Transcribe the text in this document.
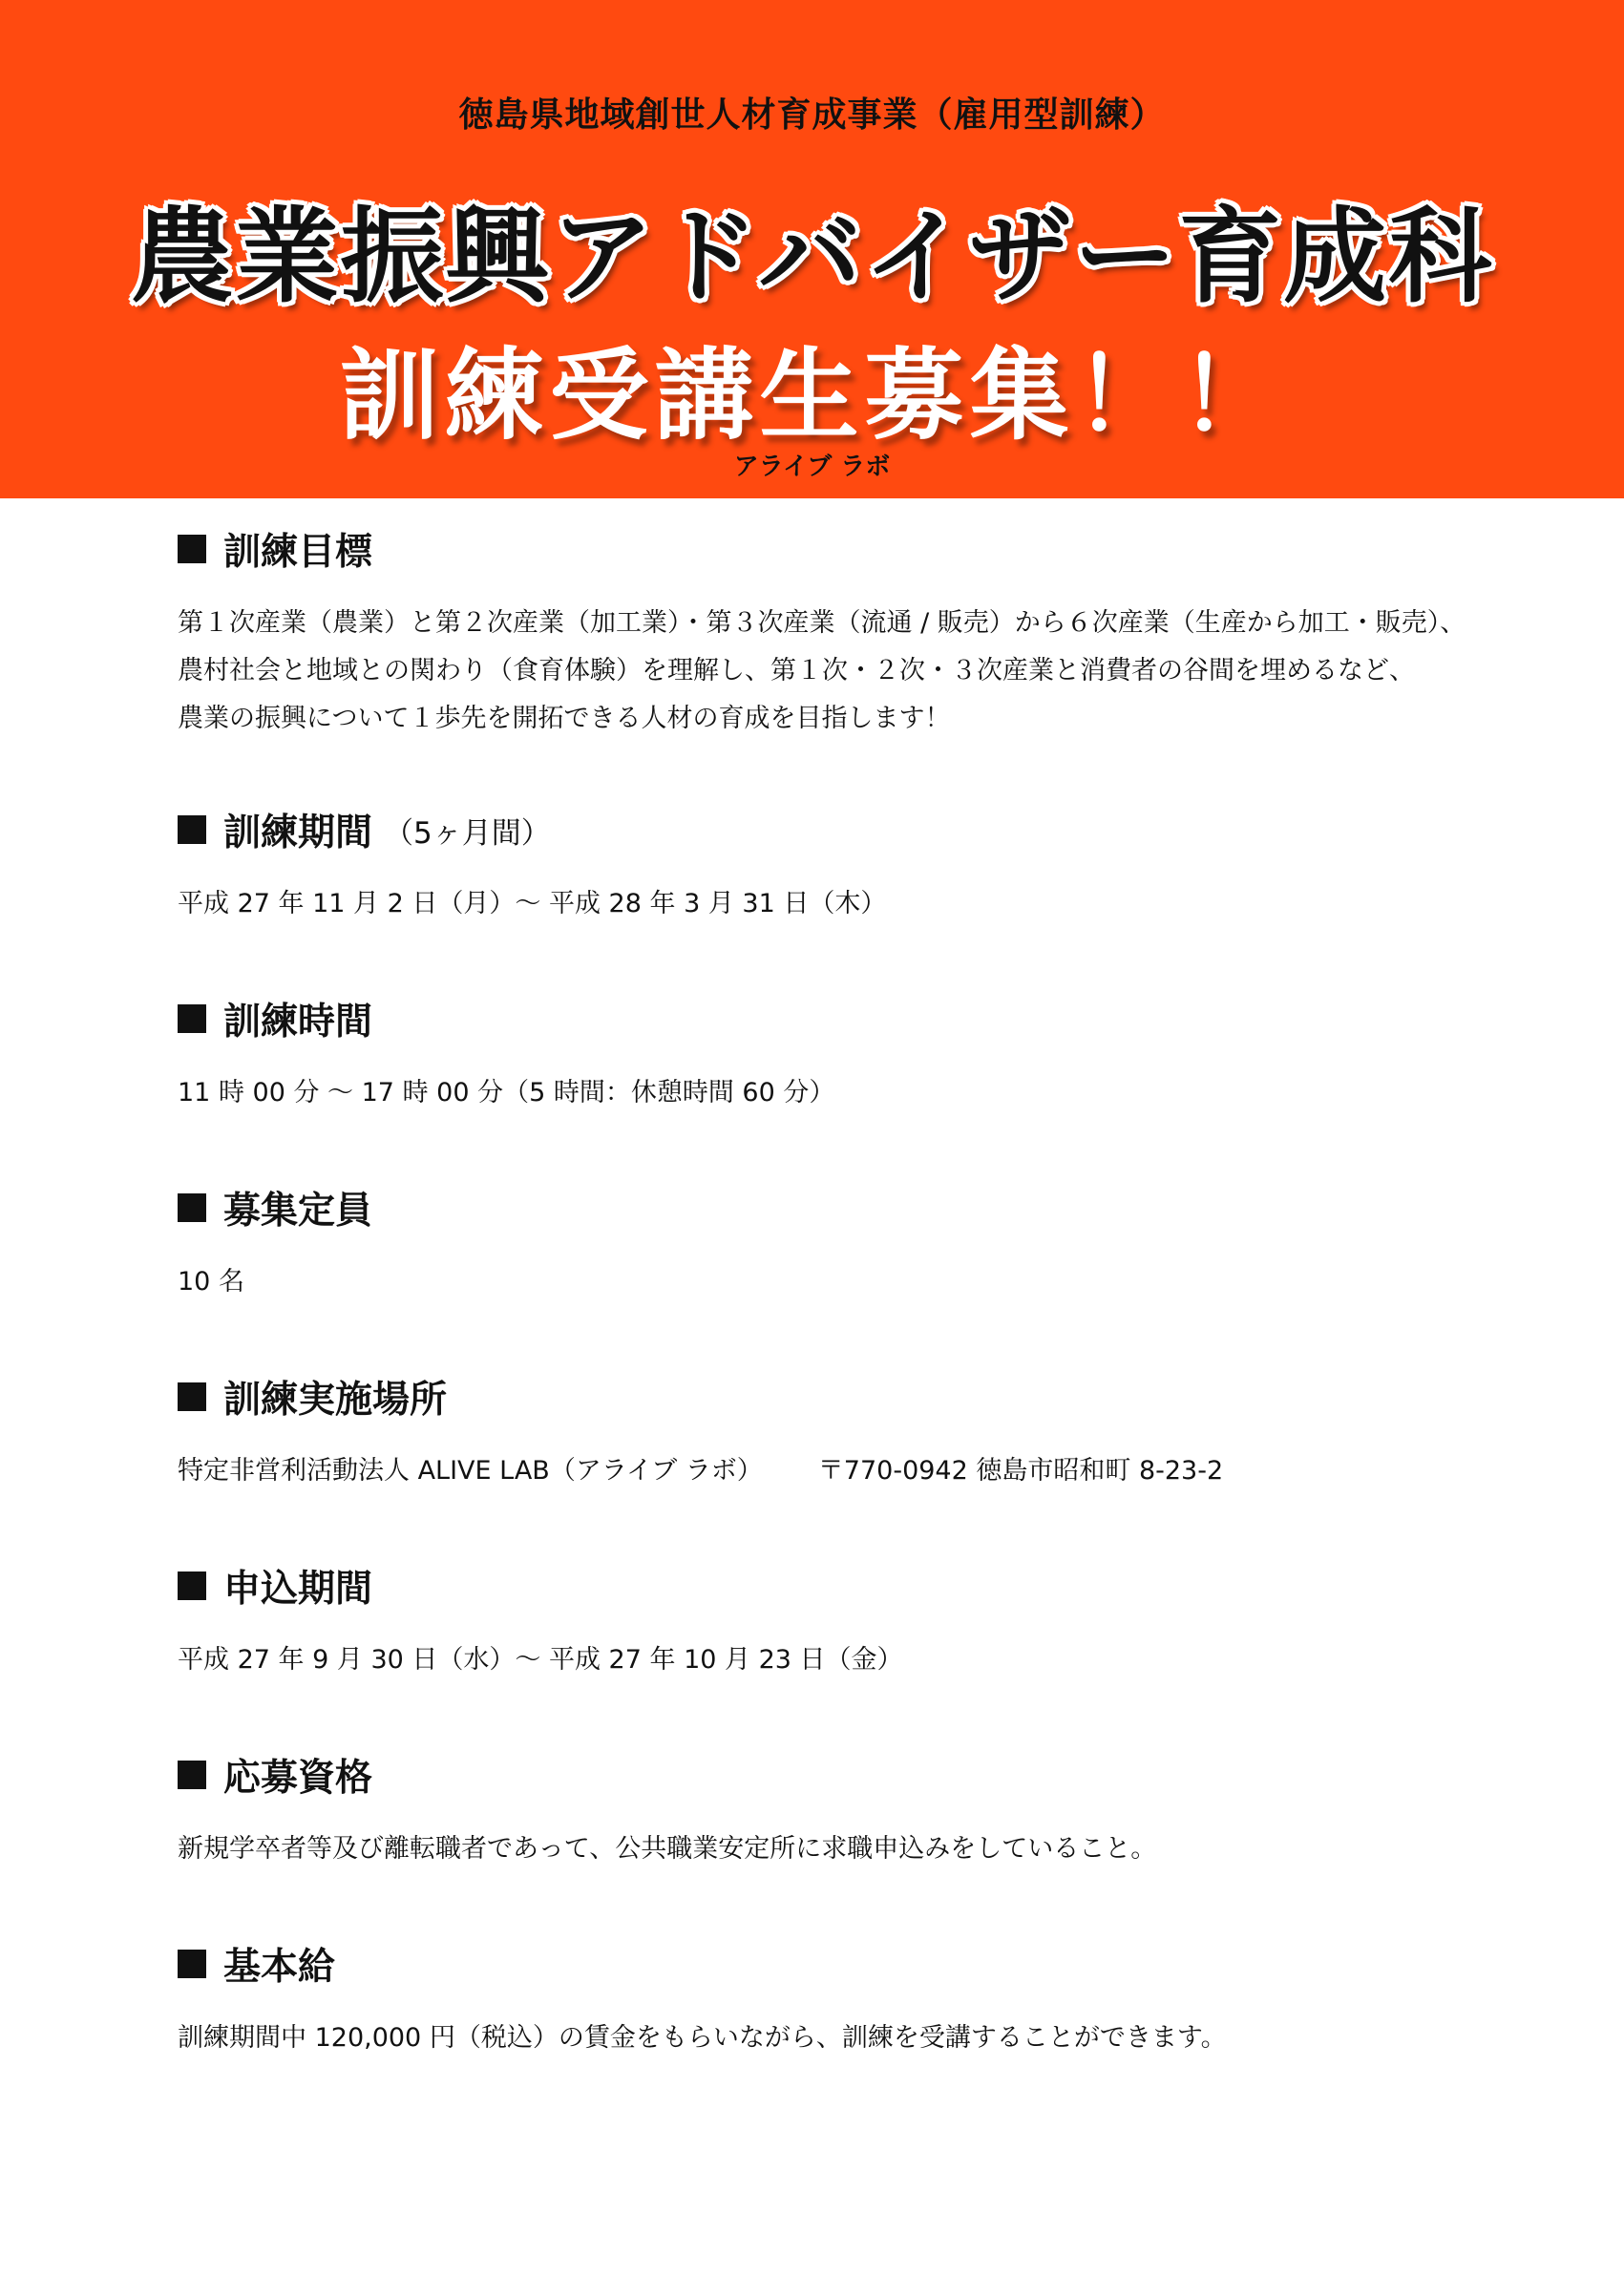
徳島県地域創世人材育成事業（雇用型訓練）
農業振興アドバイザー育成科
訓練受講生募集！！
アライブ ラボ
訓練目標
第１次産業（農業）と第２次産業（加工業）・第３次産業（流通 / 販売）から６次産業（生産から加工・販売）、
農村社会と地域との関わり（食育体験）を理解し、第１次・２次・３次産業と消費者の谷間を埋めるなど、
農業の振興について１歩先を開拓できる人材の育成を目指します！
訓練期間 （5ヶ月間）
平成 27 年 11 月 2 日（月）～ 平成 28 年 3 月 31 日（木）
訓練時間
11 時 00 分 ～ 17 時 00 分（5 時間：休憩時間 60 分）
募集定員
10 名
訓練実施場所
特定非営利活動法人 ALIVE LAB（アライブ ラボ） 〒770-0942 徳島市昭和町 8-23-2
申込期間
平成 27 年 9 月 30 日（水）～ 平成 27 年 10 月 23 日（金）
応募資格
新規学卒者等及び離転職者であって、公共職業安定所に求職申込みをしていること。
基本給
訓練期間中 120,000 円（税込）の賃金をもらいながら、訓練を受講することができます。
